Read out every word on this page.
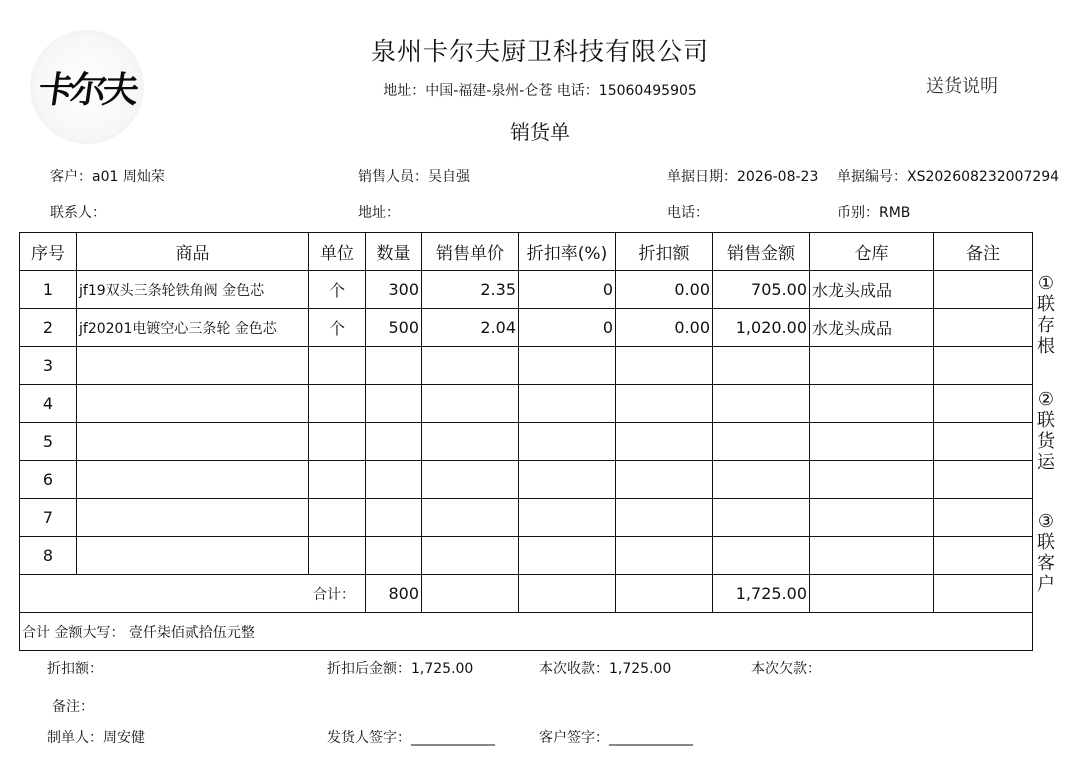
卡尔夫
泉州卡尔夫厨卫科技有限公司
地址：中国-福建-泉州-仑苍 电话：15060495905	送货说明
销货单
客户：a01 周灿荣	销售人员：吴自强	单据日期：2026-08-23 单据编号：XS202608232007294
联系人：	地址：	电话：	币别：RMB
序号	商品	单位	数量	销售单价	折扣率(%)	折扣额	销售金额	仓库	备注
1	jf19双头三条轮铁角阀 金色芯	个	300	2.35	0	0.00	705.00	水龙头成品	
2	jf20201电镀空心三条轮 金色芯	个	500	2.04	0	0.00	1,020.00	水龙头成品	
3									
4									
5									
6									
7									
8									
合计：			800				1,725.00		
合计 金额大写： 壹仟柒佰贰拾伍元整									
①
联
存
根
②
联
货
运
③
联
客
户
折扣额：	折扣后金额：1,725.00	本次收款：1,725.00	本次欠款：
备注：
制单人：周安健	发货人签字：____________	客户签字：____________
